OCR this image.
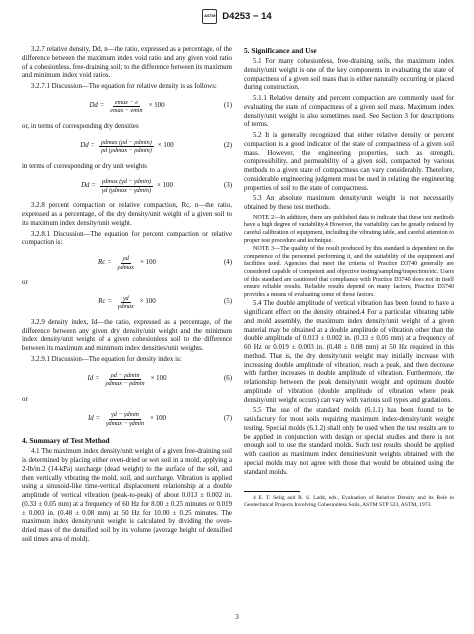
ASTM D4253 − 14

3.2.7 relative density, Dd, n—the ratio, expressed as a percentage, of the difference between the maximum index void ratio and any given void ratio of a cohesionless, free-draining soil; to the difference between its maximum and minimum index void ratios.

3.2.7.1 Discussion—The equation for relative density is as follows:

$Dd = \frac{emax - e}{emax - emin} \times 100$	(1)

or, in terms of corresponding dry densities

$Dd = \frac{\rho dmax (\rho d - \rho dmin)}{\rho d (\rho dmax - \rho dmin)} \times 100$	(2)

in terms of corresponding or dry unit weights

$Dd = \frac{\gamma dmax (\gamma d - \gamma dmin)}{\gamma d (\gamma dmax - \gamma dmin)} \times 100$	(3)

3.2.8 percent compaction or relative compaction, Rc, n—the ratio, expressed as a percentage, of the dry density/unit weight of a given soil to its maximum index density/unit weight.

3.2.8.1 Discussion—The equation for percent compaction or relative compaction is:

$Rc = \frac{\rho d}{\rho dmax} \times 100$	(4)

or

$Rc = \frac{\gamma d}{\gamma dmax} \times 100$	(5)

3.2.9 density index, Id—the ratio, expressed as a percentage, of the difference between any given dry density/unit weight and the minimum index density/unit weight of a given cohesionless soil to the difference between its maximum and minimum index densities/unit weights.

3.2.9.1 Discussion—The equation for density index is:

$Id = \frac{\rho d - \rho dmin}{\rho dmax - \rho dmin} \times 100$	(6)

or

$Id = \frac{\gamma d - \gamma dmin}{\gamma dmax - \gamma dmin} \times 100$	(7)
4. Summary of Test Method

4.1 The maximum index density/unit weight of a given free-draining soil is determined by placing either oven-dried or wet soil in a mold, applying a 2-lb/in.2 (14-kPa) surcharge (dead weight) to the surface of the soil, and then vertically vibrating the mold, soil, and surcharge. Vibration is applied using a sinusoid-like time-vertical displacement relationship at a double amplitude of vertical vibration (peak-to-peak) of about 0.013 ± 0.002 in. (0.33 ± 0.05 mm) at a frequency of 60 Hz for 8.00 ± 0.25 minutes or 0.019 ± 0.003 in. (0.48 ± 0.08 mm) at 50 Hz for 10.00 ± 0.25 minutes. The maximum index density/unit weight is calculated by dividing the oven-dried mass of the densified soil by its volume (average height of densified soil times area of mold).

5. Significance and Use

5.1 For many cohesionless, free-draining soils, the maximum index density/unit weight is one of the key components in evaluating the state of compactness of a given soil mass that is either naturally occurring or placed during construction.

5.1.1 Relative density and percent compaction are commonly used for evaluating the state of compactness of a given soil mass. Maximum index density/unit weight is also sometimes used. See Section 3 for descriptions of terms.

5.2 It is generally recognized that either relative density or percent compaction is a good indicator of the state of compactness of a given soil mass. However, the engineering properties, such as strength, compressibility, and permeability of a given soil, compacted by various methods to a given state of compactness can vary considerably. Therefore, considerable engineering judgment must be used in relating the engineering properties of soil to the state of compactness.

5.3 An absolute maximum density/unit weight is not necessarily obtained by these test methods.

NOTE 2—In addition, there are published data to indicate that these test methods have a high degree of variability.4 However, the variability can be greatly reduced by careful calibration of equipment, including the vibrating table, and careful attention to proper test procedure and technique.

NOTE 3—The quality of the result produced by this standard is dependent on the competence of the personnel performing it, and the suitability of the equipment and facilities used. Agencies that meet the criteria of Practice D3740 generally are considered capable of competent and objective testing/sampling/inspection/etc. Users of this standard are cautioned that compliance with Practice D3740 does not in itself ensure reliable results. Reliable results depend on many factors; Practice D3740 provides a means of evaluating some of those factors.

5.4 The double amplitude of vertical vibration has been found to have a significant effect on the density obtained.4 For a particular vibrating table and mold assembly, the maximum index density/unit weight of a given material may be obtained at a double amplitude of vibration other than the double amplitude of 0.013 ± 0.002 in. (0.33 ± 0.05 mm) at a frequency of 60 Hz or 0.019 ± 0.003 in. (0.48 ± 0.08 mm) at 50 Hz required in this method. That is, the dry density/unit weight may initially increase with increasing double amplitude of vibration, reach a peak, and then decrease with further increases in double amplitude of vibration. Furthermore, the relationship between the peak density/unit weight and optimum double amplitude of vibration (double amplitude of vibration where peak density/unit weight occurs) can vary with various soil types and gradations.

5.5 The use of the standard molds (6.1.1) has been found to be satisfactory for most soils requiring maximum index-density/unit weight testing. Special molds (6.1.2) shall only be used when the test results are to be applied in conjunction with design or special studies and there is not enough soil to use the standard molds. Such test results should be applied with caution as maximum index densities/unit weights obtained with the special molds may not agree with those that would be obtained using the standard molds.

4 E. T. Selig and R. S. Ladd, eds., Evaluation of Relative Density and its Role in Geotechnical Projects Involving Cohesionless Soils, ASTM STP 523, ASTM, 1973.

3
